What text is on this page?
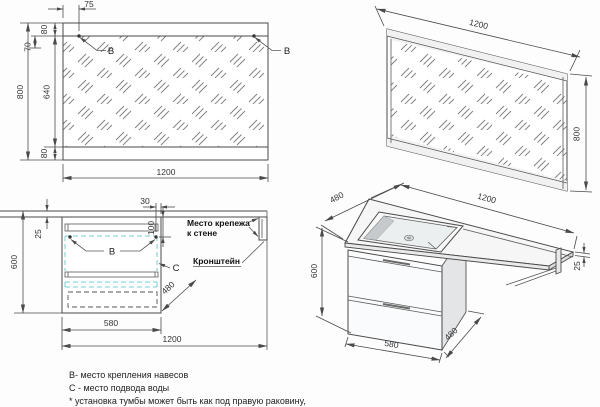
B	B
75
800
80
70
640
80
1200
1200
800
B
С
30
100
25
600
580
1200
480
Место крепежа
к стене
Кронштейн
600
480	1200
25
580
480
В- место крепления навесов
С - место подвода воды
* установка тумбы может быть как под правую раковину,
